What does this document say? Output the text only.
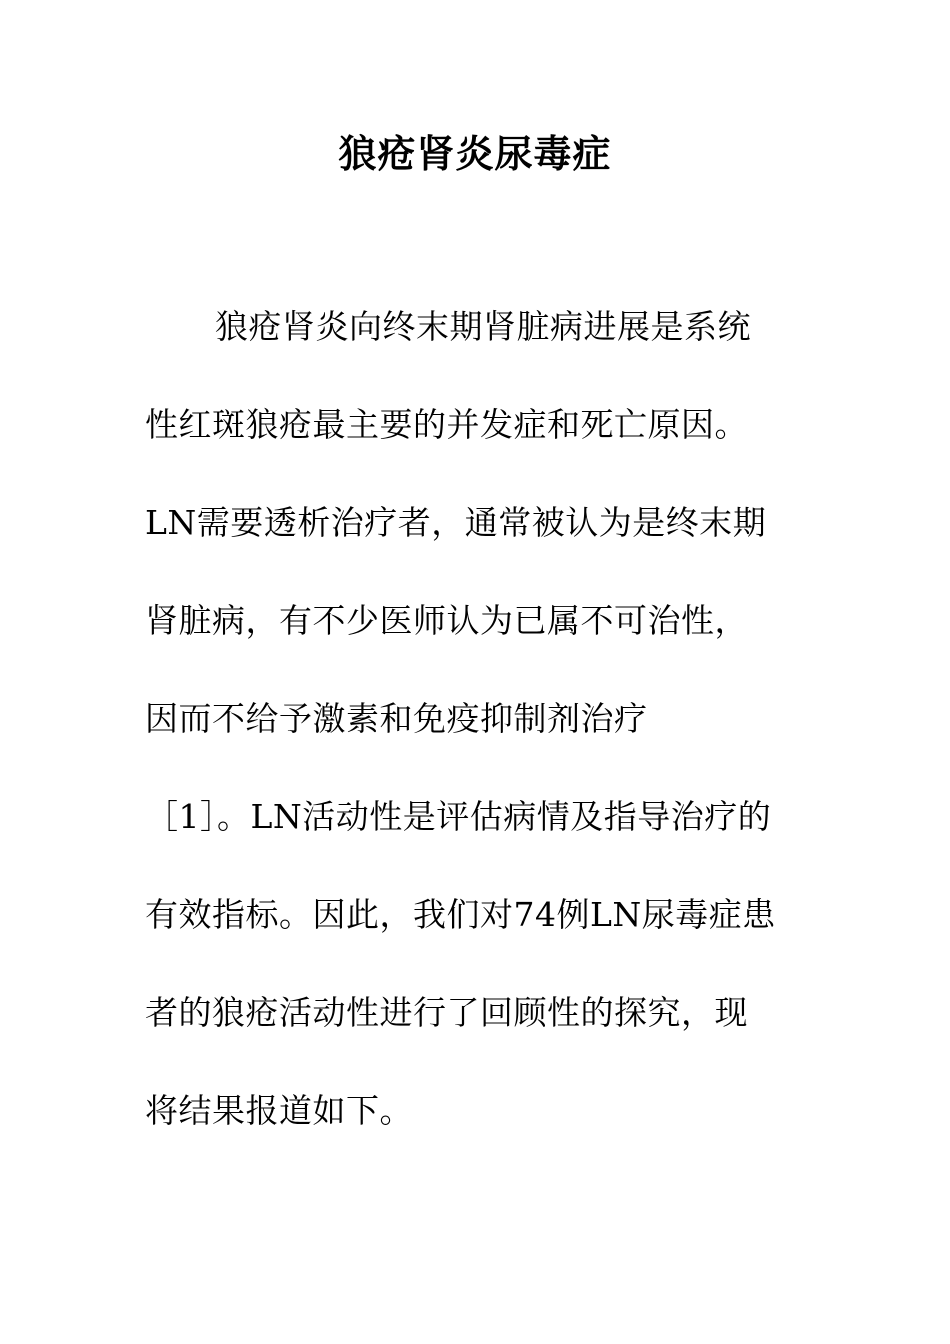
狼疮肾炎尿毒症
狼疮肾炎向终末期肾脏病进展是系统
性红斑狼疮最主要的并发症和死亡原因。
LN需要透析治疗者，通常被认为是终末期
肾脏病，有不少医师认为已属不可治性，
因而不给予激素和免疫抑制剂治疗
［1］。LN活动性是评估病情及指导治疗的
有效指标。因此，我们对74例LN尿毒症患
者的狼疮活动性进行了回顾性的探究，现
将结果报道如下。
